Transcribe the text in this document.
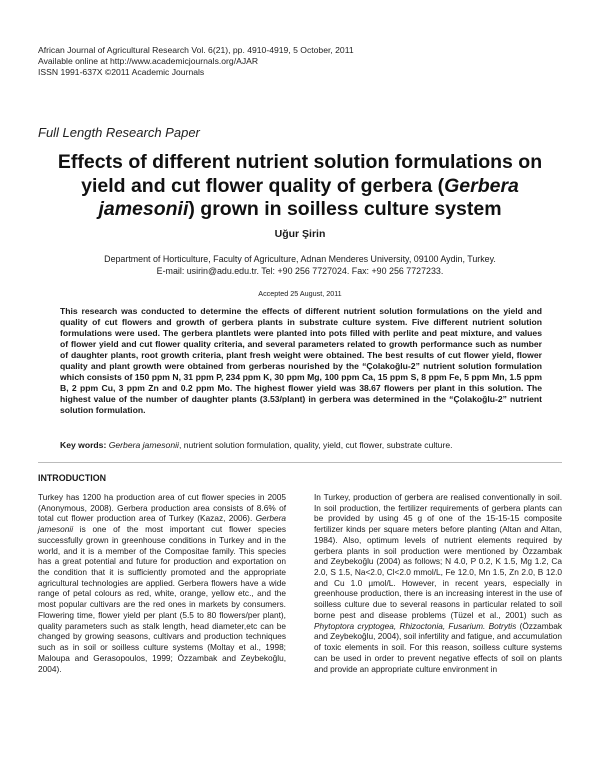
African Journal of Agricultural Research Vol. 6(21), pp. 4910-4919, 5 October, 2011
Available online at http://www.academicjournals.org/AJAR
ISSN 1991-637X ©2011 Academic Journals
Full Length Research Paper
Effects of different nutrient solution formulations on yield and cut flower quality of gerbera (Gerbera jamesonii) grown in soilless culture system
Uğur Şirin
Department of Horticulture, Faculty of Agriculture, Adnan Menderes University, 09100 Aydin, Turkey.
E-mail: usirin@adu.edu.tr. Tel: +90 256 7727024. Fax: +90 256 7727233.
Accepted 25 August, 2011
This research was conducted to determine the effects of different nutrient solution formulations on the yield and quality of cut flowers and growth of gerbera plants in substrate culture system. Five different nutrient solution formulations were used. The gerbera plantlets were planted into pots filled with perlite and peat mixture, and values of flower yield and cut flower quality criteria, and several parameters related to growth performance such as number of daughter plants, root growth criteria, plant fresh weight were obtained. The best results of cut flower yield, flower quality and plant growth were obtained from gerberas nourished by the “Çolakoğlu-2” nutrient solution formulation which consists of 150 ppm N, 31 ppm P, 234 ppm K, 30 ppm Mg, 100 ppm Ca, 15 ppm S, 8 ppm Fe, 5 ppm Mn, 1.5 ppm B, 2 ppm Cu, 3 ppm Zn and 0.2 ppm Mo. The highest flower yield was 38.67 flowers per plant in this solution. The highest value of the number of daughter plants (3.53/plant) in gerbera was determined in the “Çolakoğlu-2” nutrient solution formulation.
Key words: Gerbera jamesonii, nutrient solution formulation, quality, yield, cut flower, substrate culture.
INTRODUCTION
Turkey has 1200 ha production area of cut flower species in 2005 (Anonymous, 2008). Gerbera production area consists of 8.6% of total cut flower production area of Turkey (Kazaz, 2006). Gerbera jamesonii is one of the most important cut flower species successfully grown in greenhouse conditions in Turkey and in the world, and it is a member of the Compositae family. This species has a great potential and future for production and exportation on the condition that it is sufficiently promoted and the appropriate agricultural technologies are applied. Gerbera flowers have a wide range of petal colours as red, white, orange, yellow etc., and the most popular cultivars are the red ones in markets by consumers. Flowering time, flower yield per plant (5.5 to 80 flowers/per plant), quality parameters such as stalk length, head diameter,etc can be changed by growing seasons, cultivars and production techniques such as in soil or soilless culture systems (Moltay et al., 1998; Maloupa and Gerasopoulos, 1999; Özzambak and Zeybekoğlu, 2004).
In Turkey, production of gerbera are realised conventionally in soil. In soil production, the fertilizer requirements of gerbera plants can be provided by using 45 g of one of the 15-15-15 composite fertilizer kinds per square meters before planting (Altan and Altan, 1984). Also, optimum levels of nutrient elements required by gerbera plants in soil production were mentioned by Özzambak and Zeybekoğlu (2004) as follows; N 4.0, P 0.2, K 1.5, Mg 1.2, Ca 2.0, S 1.5, Na<2.0, Cl<2.0 mmol/L, Fe 12.0, Mn 1.5, Zn 2.0, B 12.0 and Cu 1.0 µmol/L. However, in recent years, especially in greenhouse production, there is an increasing interest in the use of soilless culture due to several reasons in particular related to soil borne pest and disease problems (Tüzel et al., 2001) such as Phytoptora cryptogea, Rhizoctonia, Fusarium. Botrytis (Özzambak and Zeybekoğlu, 2004), soil infertility and fatigue, and accumulation of toxic elements in soil. For this reason, soilless culture systems can be used in order to prevent negative effects of soil on plants and provide an appropriate culture environment in
